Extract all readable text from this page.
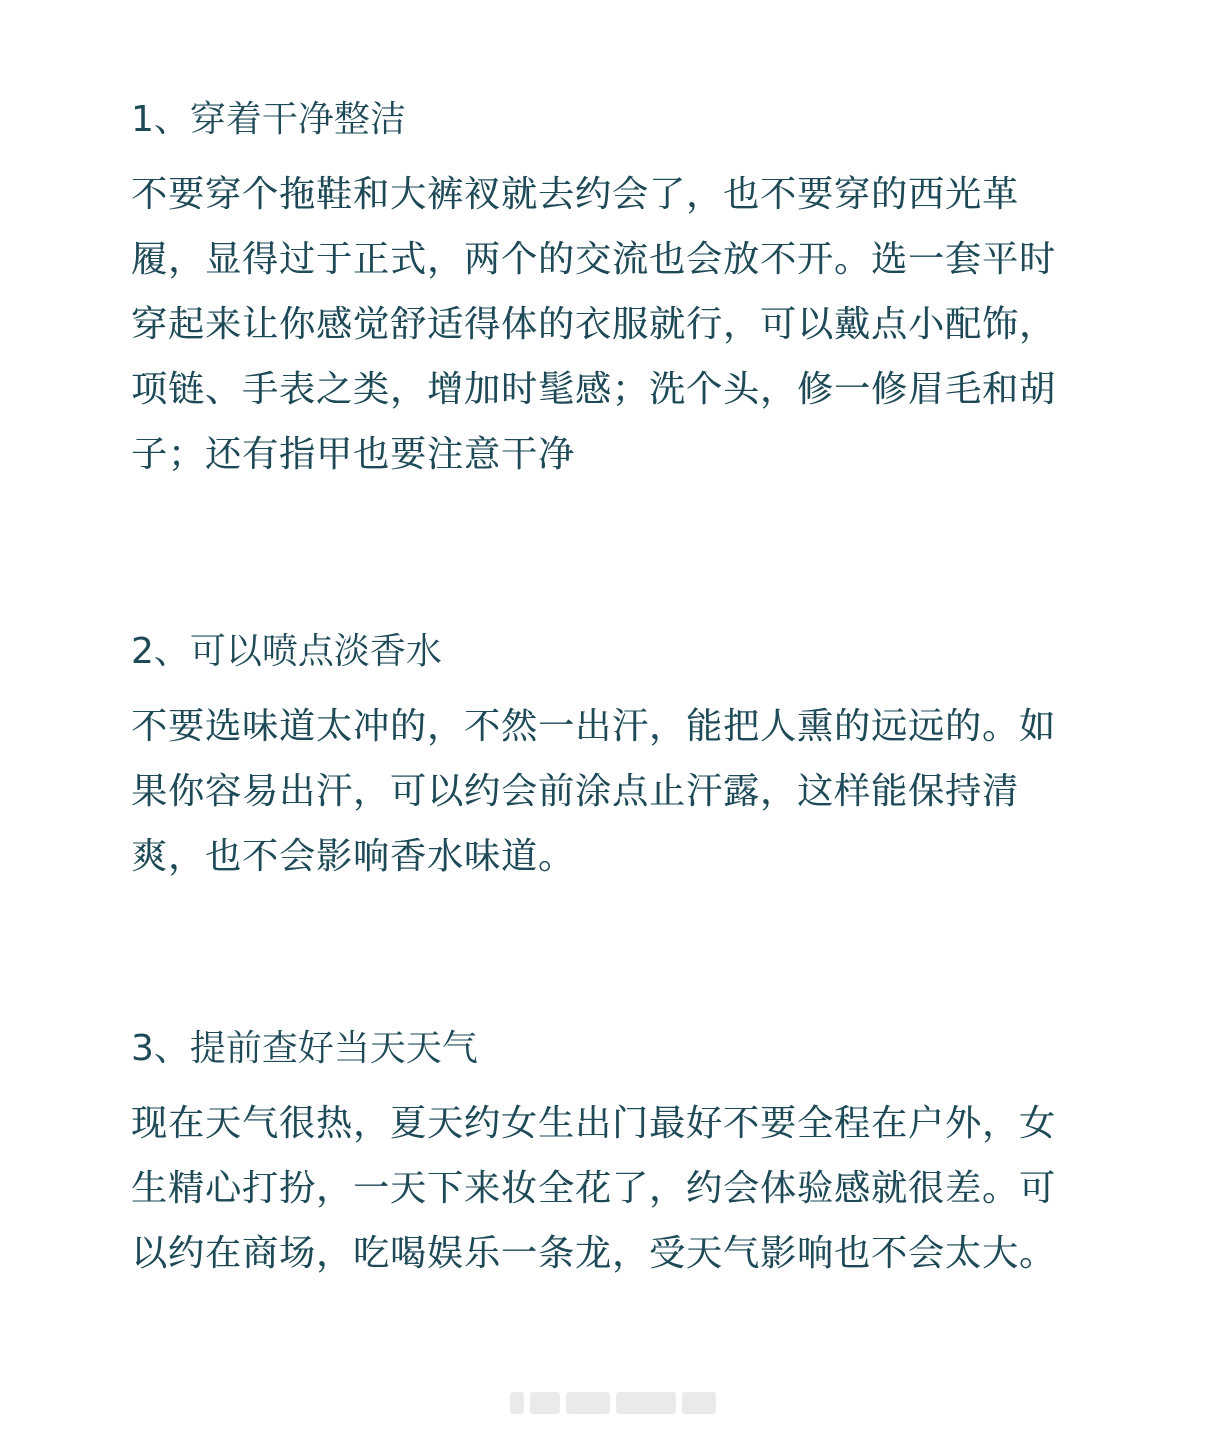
1、穿着干净整洁

不要穿个拖鞋和大裤衩就去约会了，也不要穿的西光革履，显得过于正式，两个的交流也会放不开。选一套平时穿起来让你感觉舒适得体的衣服就行，可以戴点小配饰，项链、手表之类，增加时髦感；洗个头，修一修眉毛和胡子；还有指甲也要注意干净

2、可以喷点淡香水

不要选味道太冲的，不然一出汗，能把人熏的远远的。如果你容易出汗，可以约会前涂点止汗露，这样能保持清爽，也不会影响香水味道。

3、提前查好当天天气

现在天气很热，夏天约女生出门最好不要全程在户外，女生精心打扮，一天下来妆全花了，约会体验感就很差。可以约在商场，吃喝娱乐一条龙，受天气影响也不会太大。
